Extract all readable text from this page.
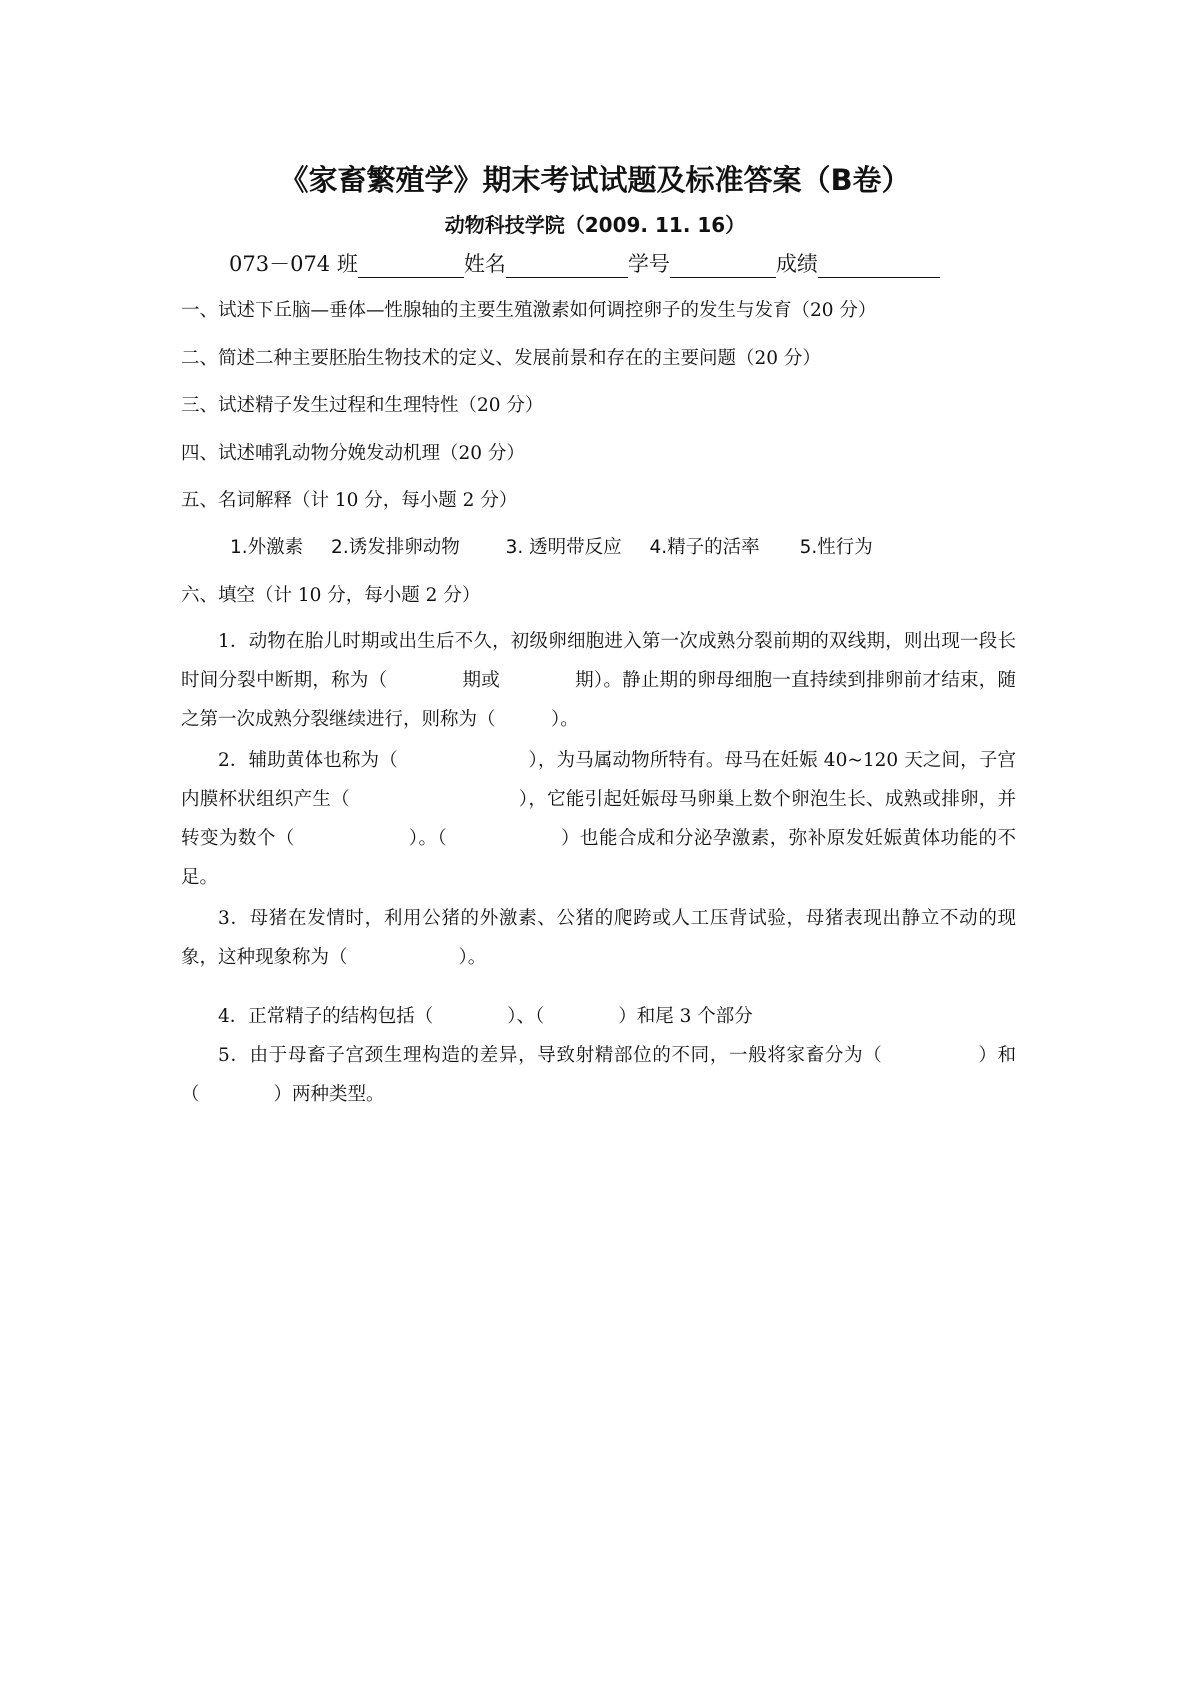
《家畜繁殖学》期末考试试题及标准答案（B卷）
动物科技学院（2009. 11. 16）
073－074 班	姓名	学号	成绩
一、试述下丘脑—垂体—性腺轴的主要生殖激素如何调控卵子的发生与发育（20 分）
二、简述二种主要胚胎生物技术的定义、发展前景和存在的主要问题（20 分）
三、试述精子发生过程和生理特性（20 分）
四、试述哺乳动物分娩发动机理（20 分）
五、名词解释（计 10 分，每小题 2 分）
1.外激素 2.诱发排卵动物 3. 透明带反应 4.精子的活率 5.性行为
六、填空（计 10 分，每小题 2 分）

1．动物在胎儿时期或出生后不久，初级卵细胞进入第一次成熟分裂前期的双线期，则出现一段长时间分裂中断期，称为（　　　　期或　　　　期）。静止期的卵母细胞一直持续到排卵前才结束，随之第一次成熟分裂继续进行，则称为（　　　）。

2．辅助黄体也称为（　　　　　　　），为马属动物所特有。母马在妊娠 40~120 天之间，子宫内膜杯状组织产生（　　　　　　　　　），它能引起妊娠母马卵巢上数个卵泡生长、成熟或排卵，并转变为数个（　　　　　　）。（　　　　　　）也能合成和分泌孕激素，弥补原发妊娠黄体功能的不足。

3．母猪在发情时，利用公猪的外激素、公猪的爬跨或人工压背试验，母猪表现出静立不动的现象，这种现象称为（　　　　　　）。

4．正常精子的结构包括（　　　　）、（　　　　）和尾 3 个部分

5．由于母畜子宫颈生理构造的差异，导致射精部位的不同，一般将家畜分为（　　　　　）和（　　　　）两种类型。
